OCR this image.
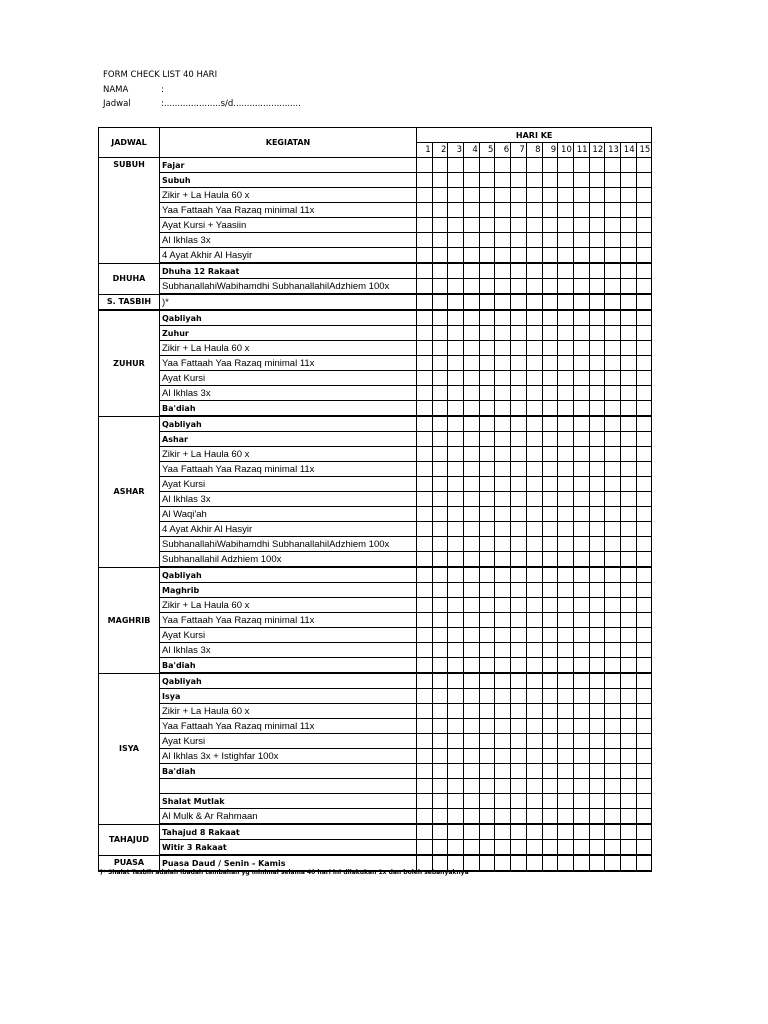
FORM CHECK LIST 40 HARI
NAMA	:
Jadwal	:.....................s/d.........................
JADWAL	KEGIATAN	HARI KE														
		1	2	3	4	5	6	7	8	9	10	11	12	13	14	15
SUBUH	Fajar															
	Subuh															
	Zikir + La Haula 60 x															
	Yaa Fattaah Yaa Razaq minimal 11x															
	Ayat Kursi + Yaasiin															
	Al Ikhlas 3x															
	4 Ayat Akhir Al Hasyir															
DHUHA	Dhuha 12 Rakaat															
	SubhanallahiWabihamdhi SubhanallahilAdzhiem 100x															
S. TASBIH	)*															
ZUHUR	Qabliyah															
	Zuhur															
	Zikir + La Haula 60 x															
	Yaa Fattaah Yaa Razaq minimal 11x															
	Ayat Kursi															
	Al Ikhlas 3x															
	Ba'diah															
ASHAR	Qabliyah															
	Ashar															
	Zikir + La Haula 60 x															
	Yaa Fattaah Yaa Razaq minimal 11x															
	Ayat Kursi															
	Al Ikhlas 3x															
	Al Waqi'ah															
	4 Ayat Akhir Al Hasyir															
	SubhanallahiWabihamdhi SubhanallahilAdzhiem 100x															
	Subhanallahil Adzhiem 100x															
MAGHRIB	Qabliyah															
	Maghrib															
	Zikir + La Haula 60 x															
	Yaa Fattaah Yaa Razaq minimal 11x															
	Ayat Kursi															
	Al Ikhlas 3x															
	Ba'diah															
ISYA	Qabliyah															
	Isya															
	Zikir + La Haula 60 x															
	Yaa Fattaah Yaa Razaq minimal 11x															
	Ayat Kursi															
	Al Ikhlas 3x + Istighfar 100x															
	Ba'diah															

	Shalat Mutlak															
	Al Mulk & Ar Rahmaan															
TAHAJUD	Tahajud 8 Rakaat															
	Witir 3 Rakaat															
PUASA	Puasa Daud / Senin - Kamis															
)* Shalat Tasbih adalah ibadah tambahan yg minimal selama 40 hari ini dilakukan 1x dan boleh sebanyaknya
